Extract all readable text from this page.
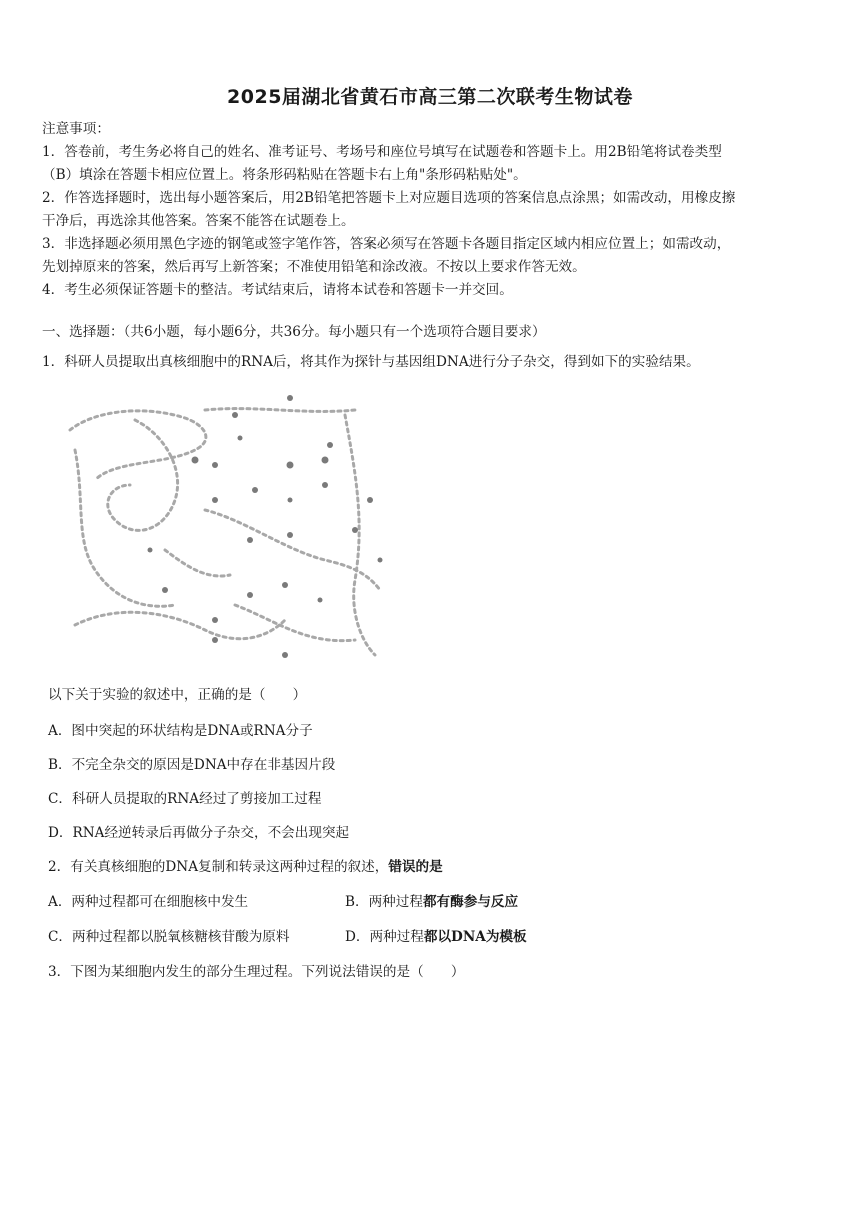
2025届湖北省黄石市高三第二次联考生物试卷

注意事项：

1．答卷前，考生务必将自己的姓名、准考证号、考场号和座位号填写在试题卷和答题卡上。用2B铅笔将试卷类型

（B）填涂在答题卡相应位置上。将条形码粘贴在答题卡右上角"条形码粘贴处"。

2．作答选择题时，选出每小题答案后，用2B铅笔把答题卡上对应题目选项的答案信息点涂黑；如需改动，用橡皮擦

干净后，再选涂其他答案。答案不能答在试题卷上。

3．非选择题必须用黑色字迹的钢笔或签字笔作答，答案必须写在答题卡各题目指定区域内相应位置上；如需改动，

先划掉原来的答案，然后再写上新答案；不准使用铅笔和涂改液。不按以上要求作答无效。

4．考生必须保证答题卡的整洁。考试结束后，请将本试卷和答题卡一并交回。

一、选择题：（共6小题，每小题6分，共36分。每小题只有一个选项符合题目要求）
1．科研人员提取出真核细胞中的RNA后，将其作为探针与基因组DNA进行分子杂交，得到如下的实验结果。
以下关于实验的叙述中，正确的是（　　）
A．图中突起的环状结构是DNA或RNA分子
B．不完全杂交的原因是DNA中存在非基因片段
C．科研人员提取的RNA经过了剪接加工过程
D．RNA经逆转录后再做分子杂交，不会出现突起
2．有关真核细胞的DNA复制和转录这两种过程的叙述，错误的是
A．两种过程都可在细胞核中发生	B．两种过程都有酶参与反应
C．两种过程都以脱氧核糖核苷酸为原料	D．两种过程都以DNA为模板
3．下图为某细胞内发生的部分生理过程。下列说法错误的是（　　）
